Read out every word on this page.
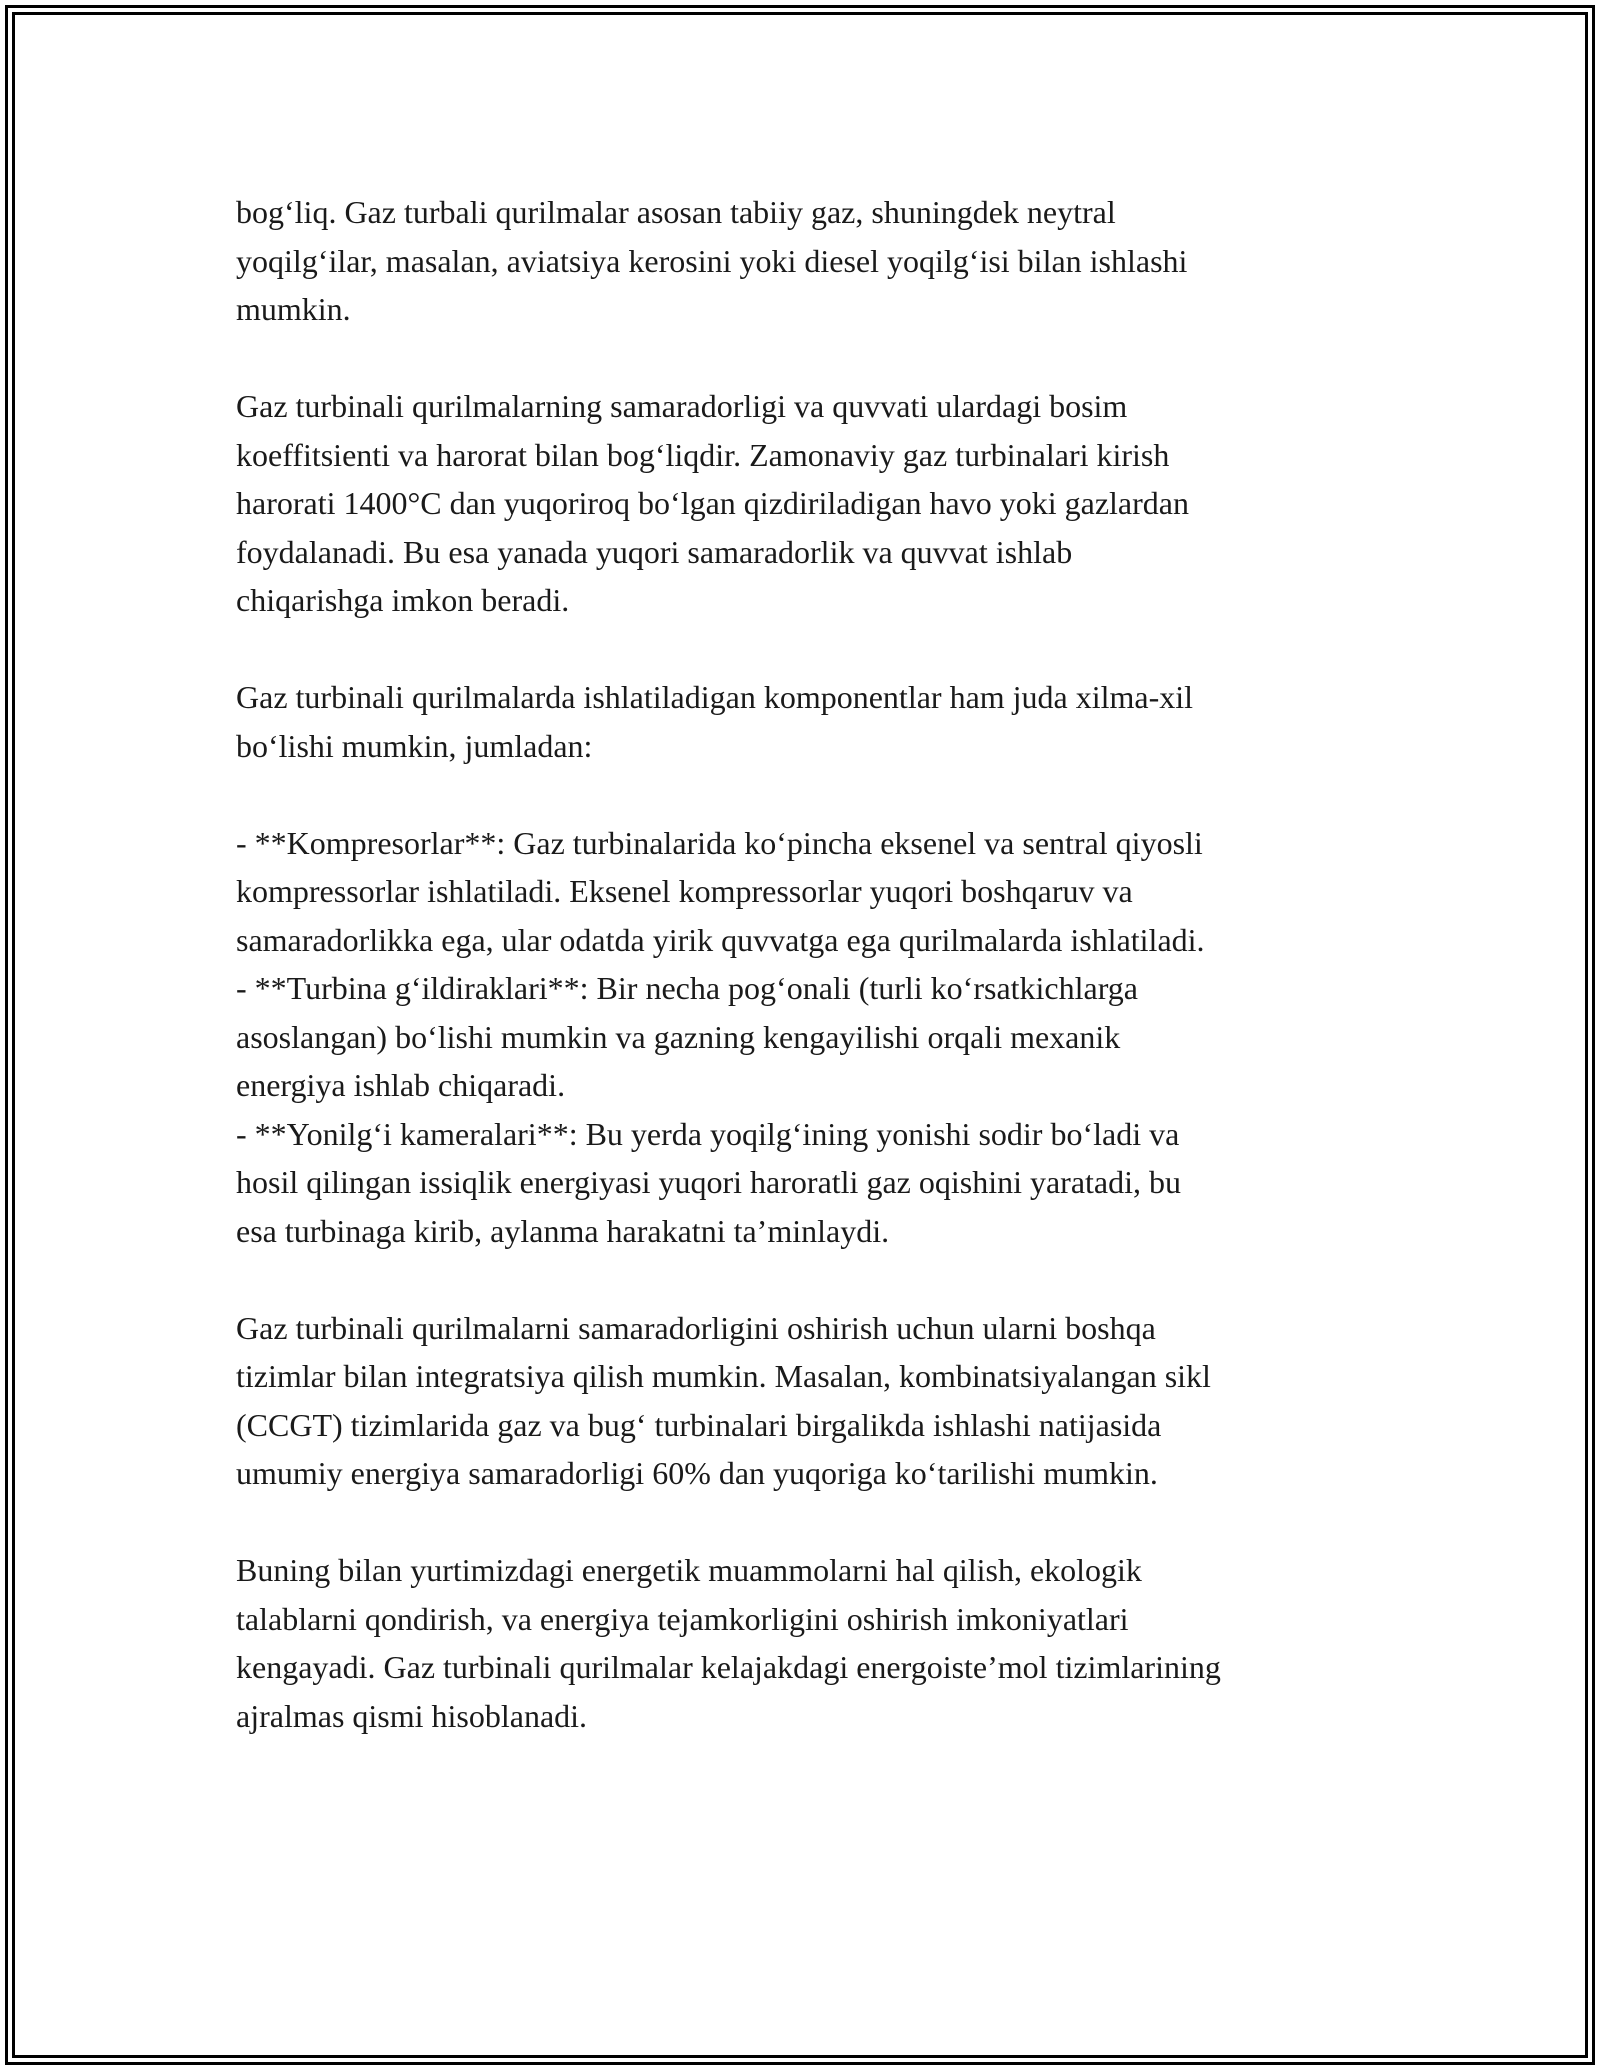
bog‘liq. Gaz turbali qurilmalar asosan tabiiy gaz, shuningdek neytral
yoqilg‘ilar, masalan, aviatsiya kerosini yoki diesel yoqilg‘isi bilan ishlashi
mumkin.

Gaz turbinali qurilmalarning samaradorligi va quvvati ulardagi bosim
koeffitsienti va harorat bilan bog‘liqdir. Zamonaviy gaz turbinalari kirish
harorati 1400°C dan yuqoriroq bo‘lgan qizdiriladigan havo yoki gazlardan
foydalanadi. Bu esa yanada yuqori samaradorlik va quvvat ishlab
chiqarishga imkon beradi.

Gaz turbinali qurilmalarda ishlatiladigan komponentlar ham juda xilma-xil
bo‘lishi mumkin, jumladan:

- **Kompresorlar**: Gaz turbinalarida ko‘pincha eksenel va sentral qiyosli
kompressorlar ishlatiladi. Eksenel kompressorlar yuqori boshqaruv va
samaradorlikka ega, ular odatda yirik quvvatga ega qurilmalarda ishlatiladi.
- **Turbina g‘ildiraklari**: Bir necha pog‘onali (turli ko‘rsatkichlarga
asoslangan) bo‘lishi mumkin va gazning kengayilishi orqali mexanik
energiya ishlab chiqaradi.
- **Yonilg‘i kameralari**: Bu yerda yoqilg‘ining yonishi sodir bo‘ladi va
hosil qilingan issiqlik energiyasi yuqori haroratli gaz oqishini yaratadi, bu
esa turbinaga kirib, aylanma harakatni ta’minlaydi.

Gaz turbinali qurilmalarni samaradorligini oshirish uchun ularni boshqa
tizimlar bilan integratsiya qilish mumkin. Masalan, kombinatsiyalangan sikl
(CCGT) tizimlarida gaz va bug‘ turbinalari birgalikda ishlashi natijasida
umumiy energiya samaradorligi 60% dan yuqoriga ko‘tarilishi mumkin.

Buning bilan yurtimizdagi energetik muammolarni hal qilish, ekologik
talablarni qondirish, va energiya tejamkorligini oshirish imkoniyatlari
kengayadi. Gaz turbinali qurilmalar kelajakdagi energoiste’mol tizimlarining
ajralmas qismi hisoblanadi.
